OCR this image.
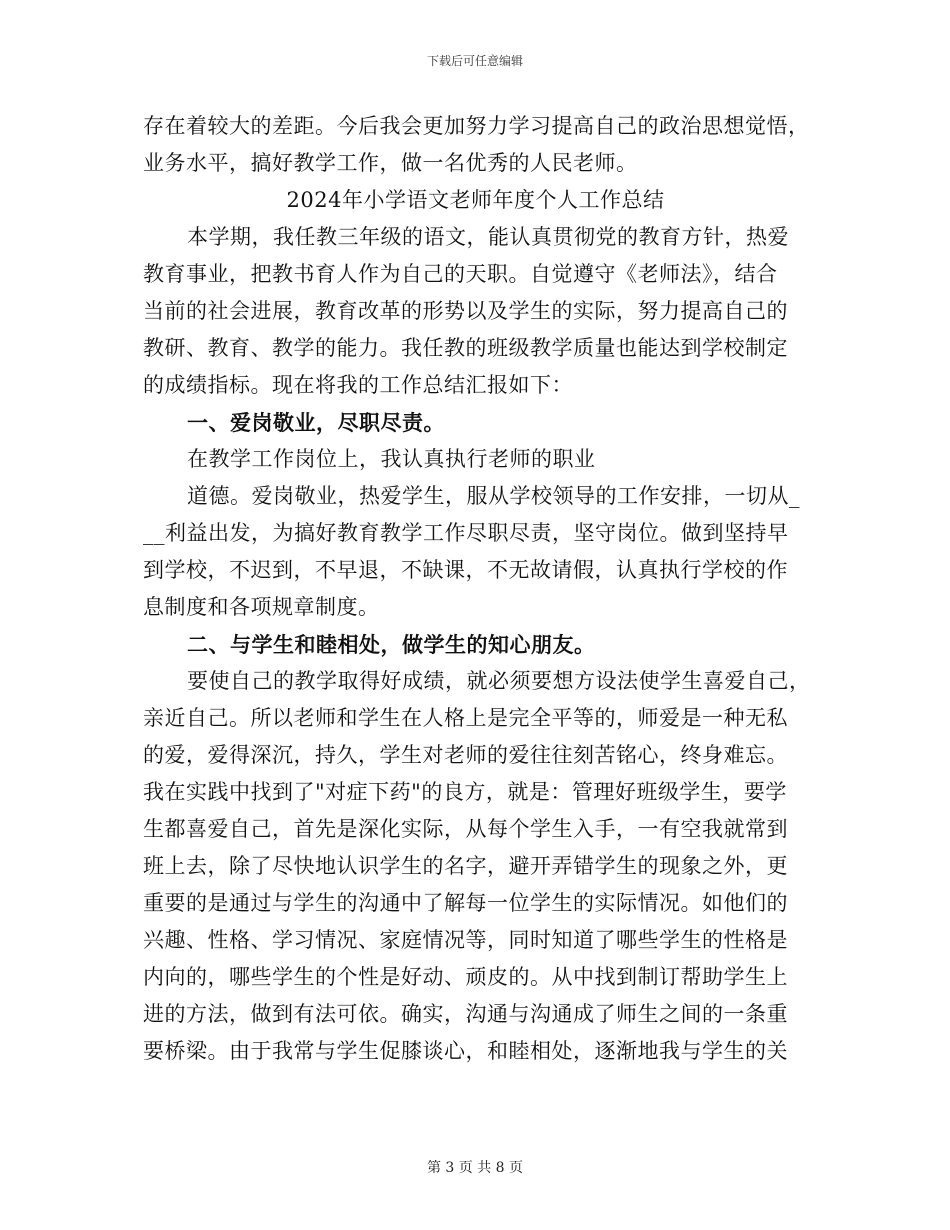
下载后可任意编辑
存在着较大的差距。今后我会更加努力学习提高自己的政治思想觉悟，
业务水平，搞好教学工作，做一名优秀的人民老师。
2024年小学语文老师年度个人工作总结
本学期，我任教三年级的语文，能认真贯彻党的教育方针，热爱
教育事业，把教书育人作为自己的天职。自觉遵守《老师法》，结合
当前的社会进展，教育改革的形势以及学生的实际，努力提高自己的
教研、教育、教学的能力。我任教的班级教学质量也能达到学校制定
的成绩指标。现在将我的工作总结汇报如下：
一、爱岗敬业，尽职尽责。
在教学工作岗位上，我认真执行老师的职业
道德。爱岗敬业，热爱学生，服从学校领导的工作安排，一切从_
__利益出发，为搞好教育教学工作尽职尽责，坚守岗位。做到坚持早
到学校，不迟到，不早退，不缺课，不无故请假，认真执行学校的作
息制度和各项规章制度。
二、与学生和睦相处，做学生的知心朋友。
要使自己的教学取得好成绩，就必须要想方设法使学生喜爱自己，
亲近自己。所以老师和学生在人格上是完全平等的，师爱是一种无私
的爱，爱得深沉，持久，学生对老师的爱往往刻苦铭心，终身难忘。
我在实践中找到了"对症下药"的良方，就是：管理好班级学生，要学
生都喜爱自己，首先是深化实际，从每个学生入手，一有空我就常到
班上去，除了尽快地认识学生的名字，避开弄错学生的现象之外，更
重要的是通过与学生的沟通中了解每一位学生的实际情况。如他们的
兴趣、性格、学习情况、家庭情况等，同时知道了哪些学生的性格是
内向的，哪些学生的个性是好动、顽皮的。从中找到制订帮助学生上
进的方法，做到有法可依。确实，沟通与沟通成了师生之间的一条重
要桥梁。由于我常与学生促膝谈心，和睦相处，逐渐地我与学生的关
第 3 页 共 8 页
